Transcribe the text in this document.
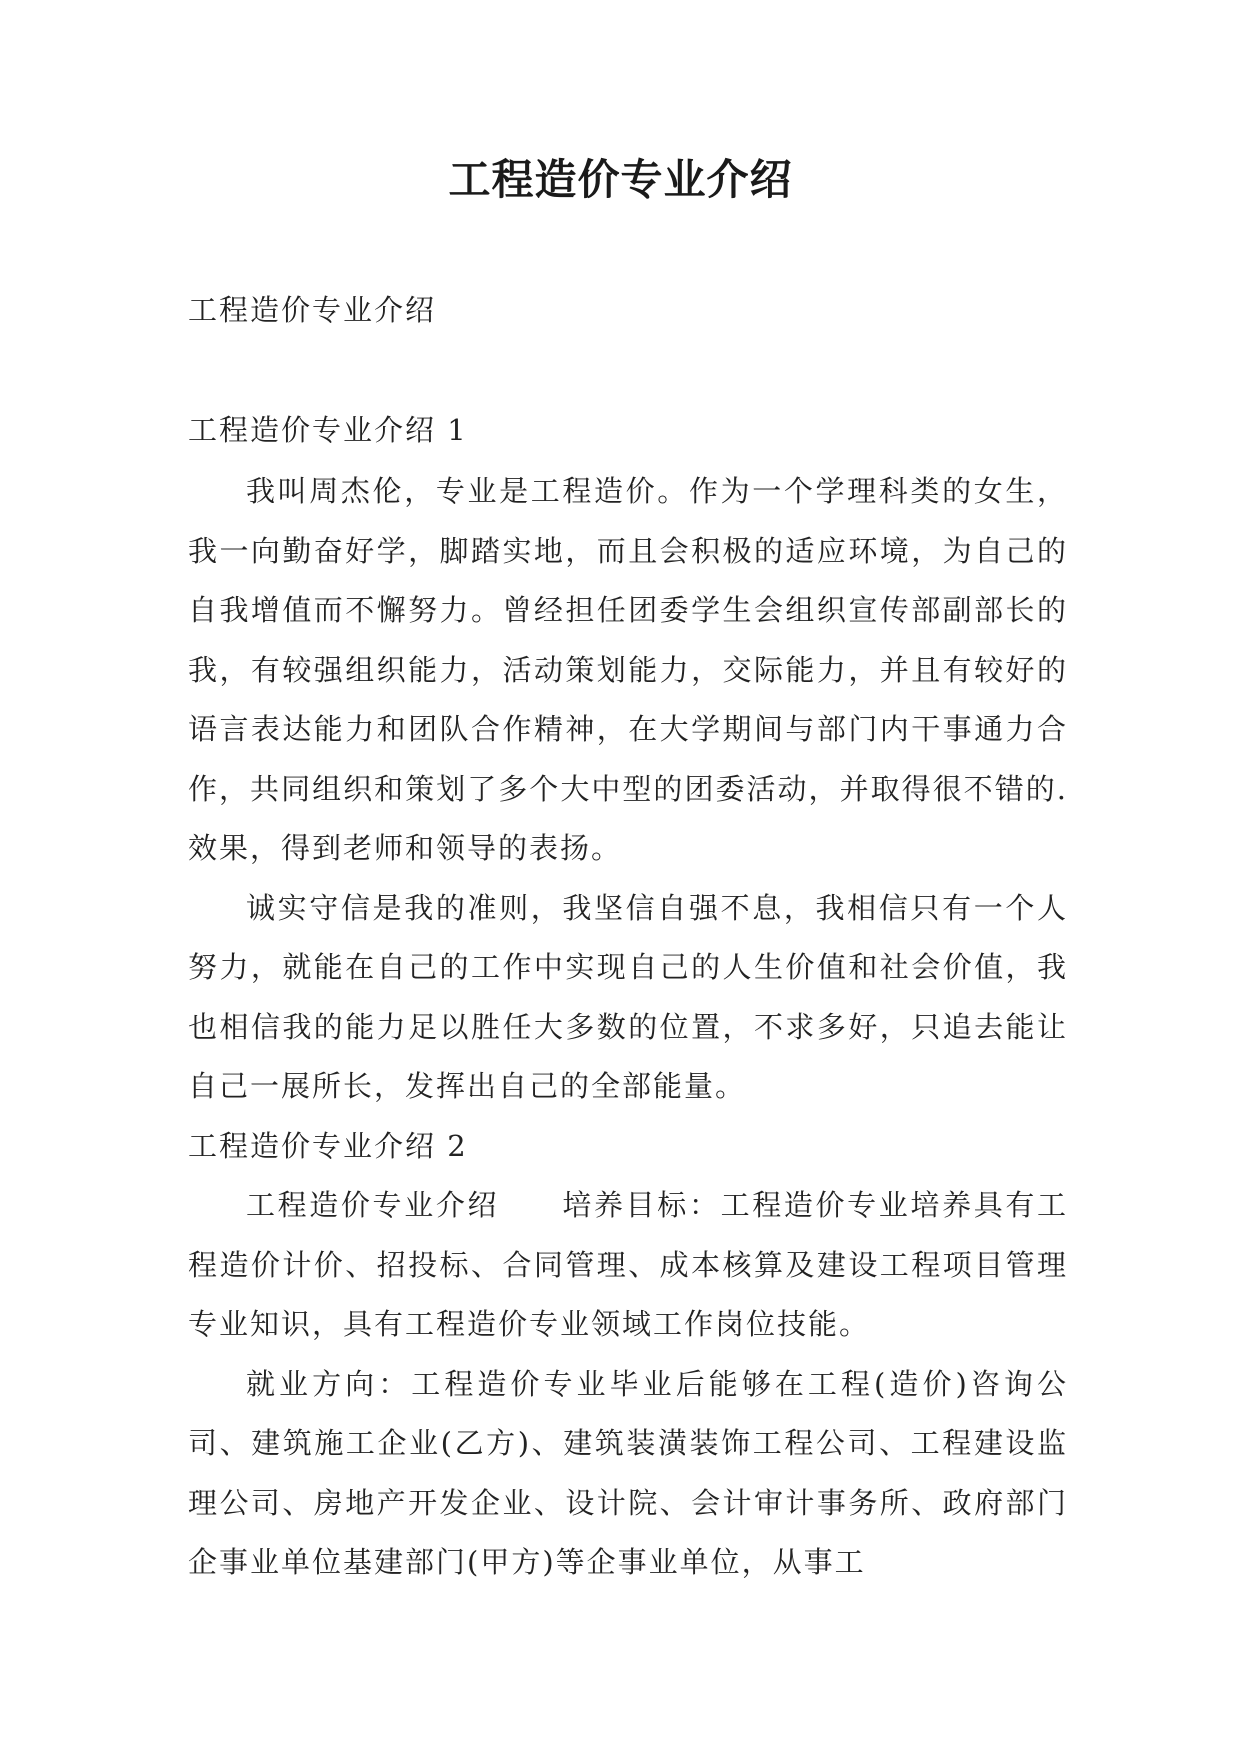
工程造价专业介绍

工程造价专业介绍

工程造价专业介绍 1

我叫周杰伦，专业是工程造价。作为一个学理科类的女生，我一向勤奋好学，脚踏实地，而且会积极的适应环境，为自己的自我增值而不懈努力。曾经担任团委学生会组织宣传部副部长的我，有较强组织能力，活动策划能力，交际能力，并且有较好的语言表达能力和团队合作精神，在大学期间与部门内干事通力合作，共同组织和策划了多个大中型的团委活动，并取得很不错的.效果，得到老师和领导的表扬。

诚实守信是我的准则，我坚信自强不息，我相信只有一个人努力，就能在自己的工作中实现自己的人生价值和社会价值，我也相信我的能力足以胜任大多数的位置，不求多好，只追去能让自己一展所长，发挥出自己的全部能量。

工程造价专业介绍 2

工程造价专业介绍　　培养目标：工程造价专业培养具有工程造价计价、招投标、合同管理、成本核算及建设工程项目管理专业知识，具有工程造价专业领域工作岗位技能。

就业方向：工程造价专业毕业后能够在工程(造价)咨询公司、建筑施工企业(乙方)、建筑装潢装饰工程公司、工程建设监理公司、房地产开发企业、设计院、会计审计事务所、政府部门企事业单位基建部门(甲方)等企事业单位，从事工
